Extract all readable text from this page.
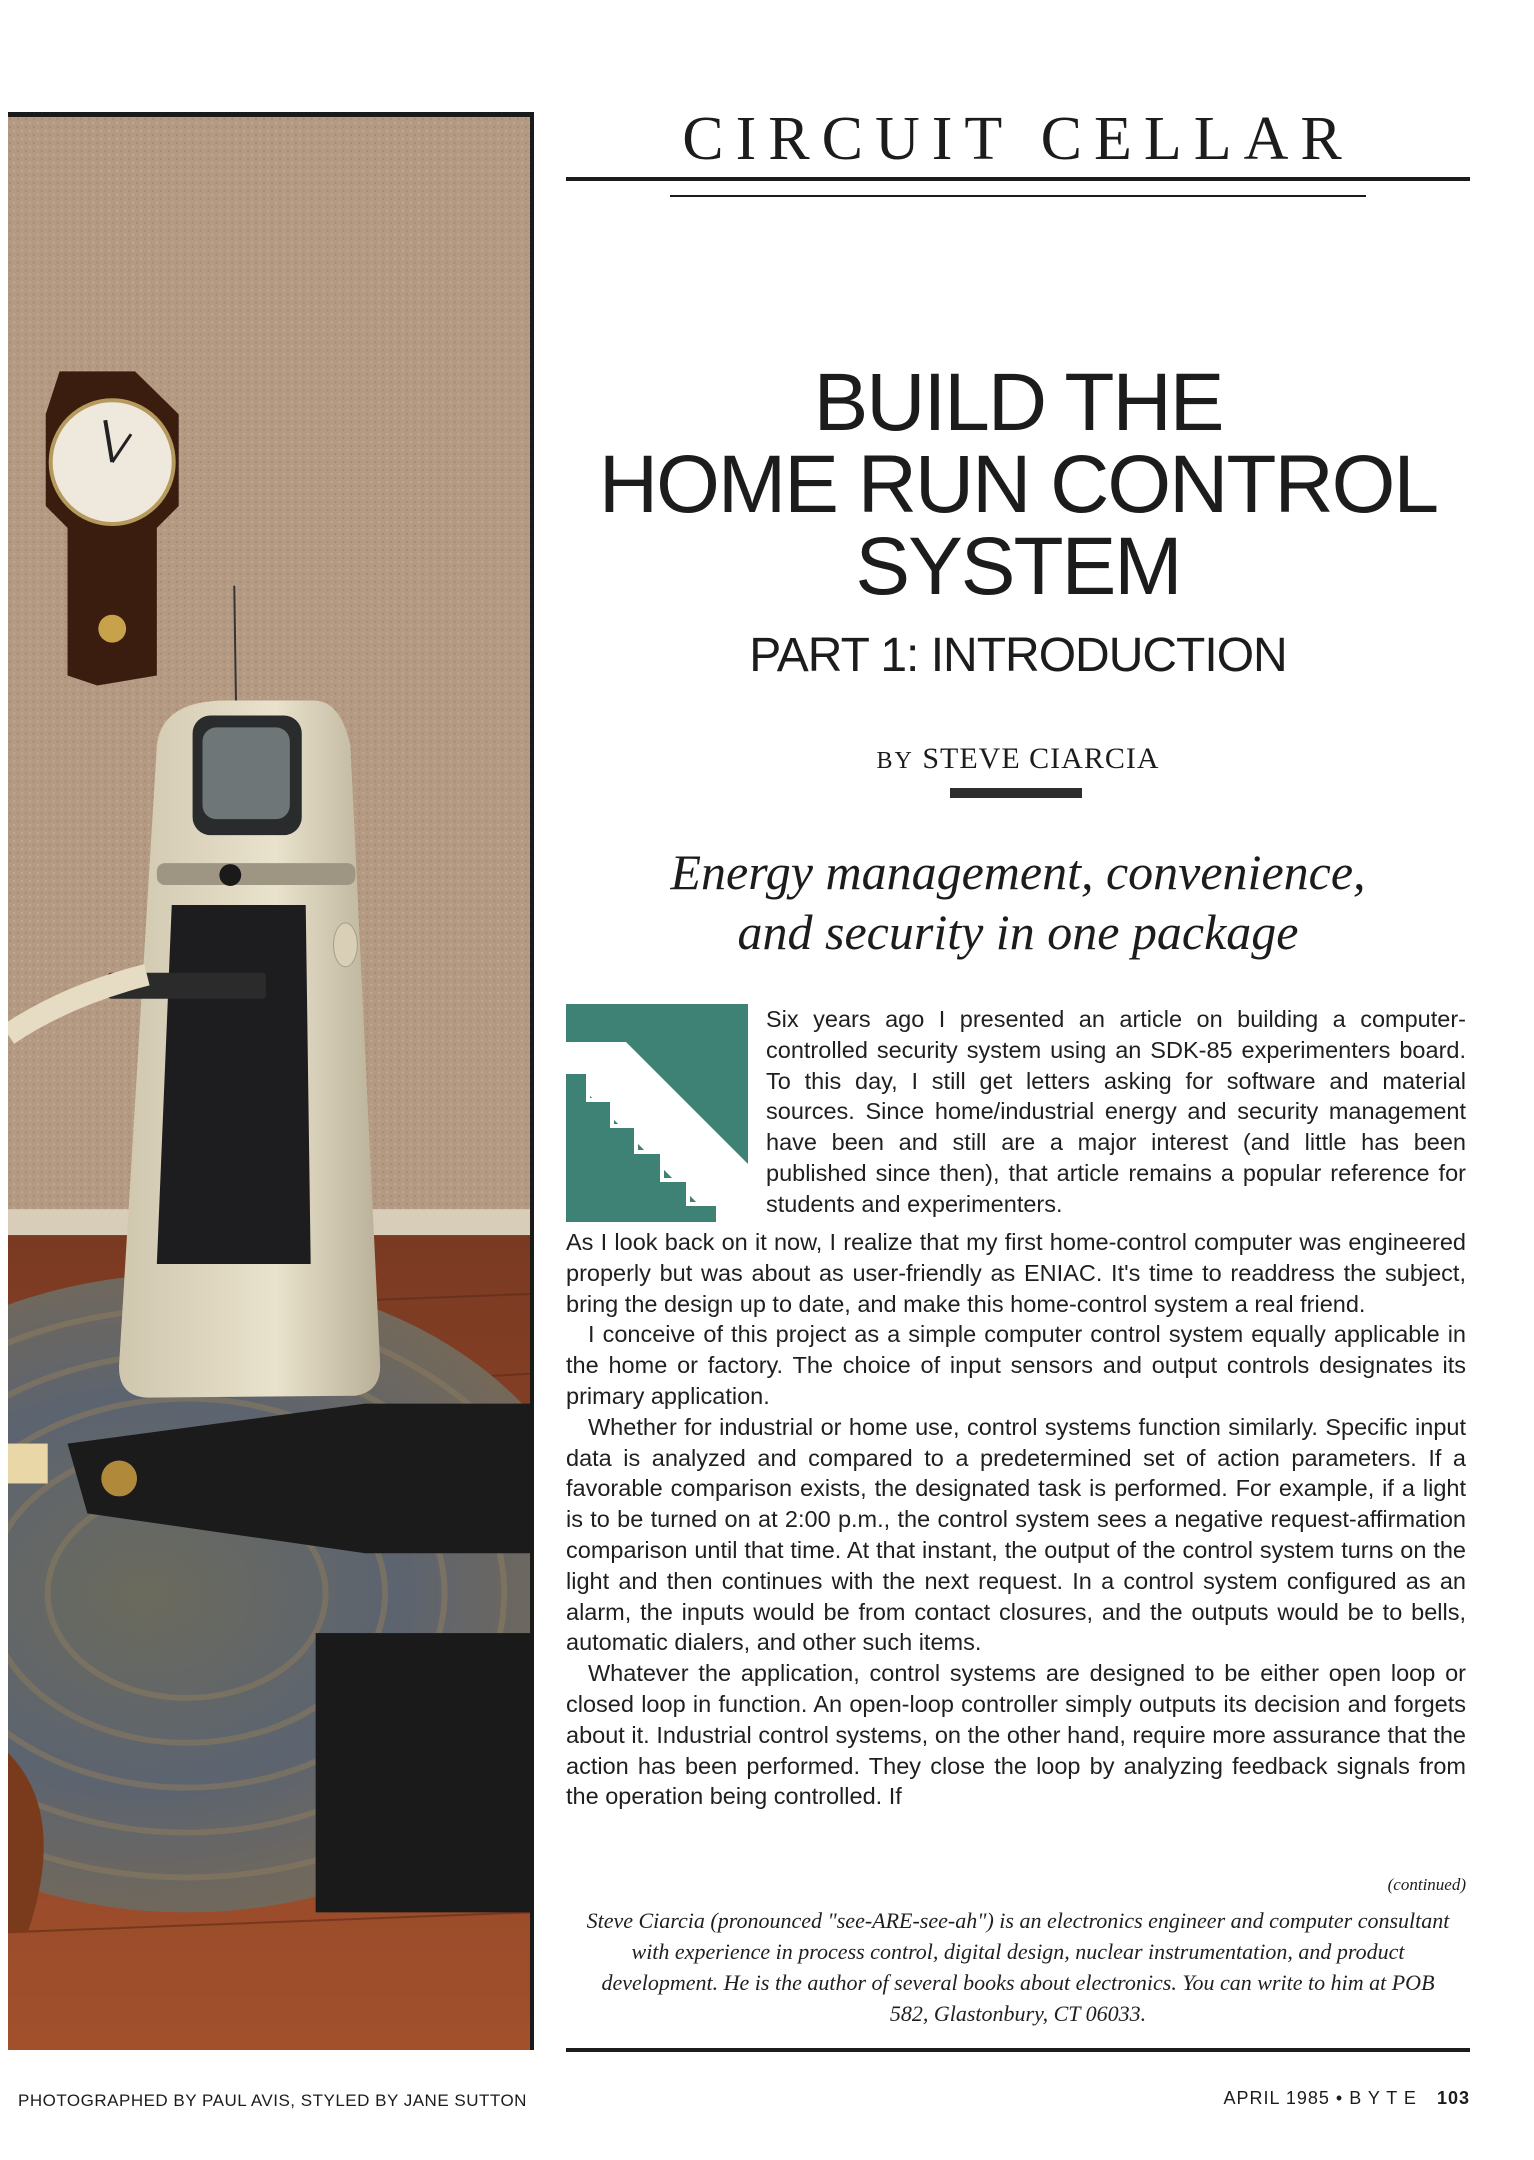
CIRCUIT CELLAR
BUILD THE
HOME RUN CONTROL
SYSTEM
PART 1: INTRODUCTION
BY STEVE CIARCIA
Energy management, convenience,
and security in one package

Six years ago I presented an article on building a computer-controlled security system using an SDK-85 experimenters board. To this day, I still get letters asking for software and material sources. Since home/industrial energy and security management have been and still are a major interest (and little has been published since then), that article remains a popular reference for students and experimenters.

As I look back on it now, I realize that my first home-control computer was engineered properly but was about as user-friendly as ENIAC. It's time to readdress the subject, bring the design up to date, and make this home-control system a real friend.

I conceive of this project as a simple computer control system equally applicable in the home or factory. The choice of input sensors and output controls designates its primary application.

Whether for industrial or home use, control systems function similarly. Specific input data is analyzed and compared to a predetermined set of action parameters. If a favorable comparison exists, the designated task is performed. For example, if a light is to be turned on at 2:00 p.m., the control system sees a negative request-affirmation comparison until that time. At that instant, the output of the control system turns on the light and then continues with the next request. In a control system configured as an alarm, the inputs would be from contact closures, and the outputs would be to bells, automatic dialers, and other such items.

Whatever the application, control systems are designed to be either open loop or closed loop in function. An open-loop controller simply outputs its decision and forgets about it. Industrial control systems, on the other hand, require more assurance that the action has been performed. They close the loop by analyzing feedback signals from the operation being controlled. If

(continued)
Steve Ciarcia (pronounced "see-ARE-see-ah") is an electronics engineer and computer consultant with experience in process control, digital design, nuclear instrumentation, and product development. He is the author of several books about electronics. You can write to him at POB 582, Glastonbury, CT 06033.
PHOTOGRAPHED BY PAUL AVIS, STYLED BY JANE SUTTON	APRIL 1985 • B Y T E 103
